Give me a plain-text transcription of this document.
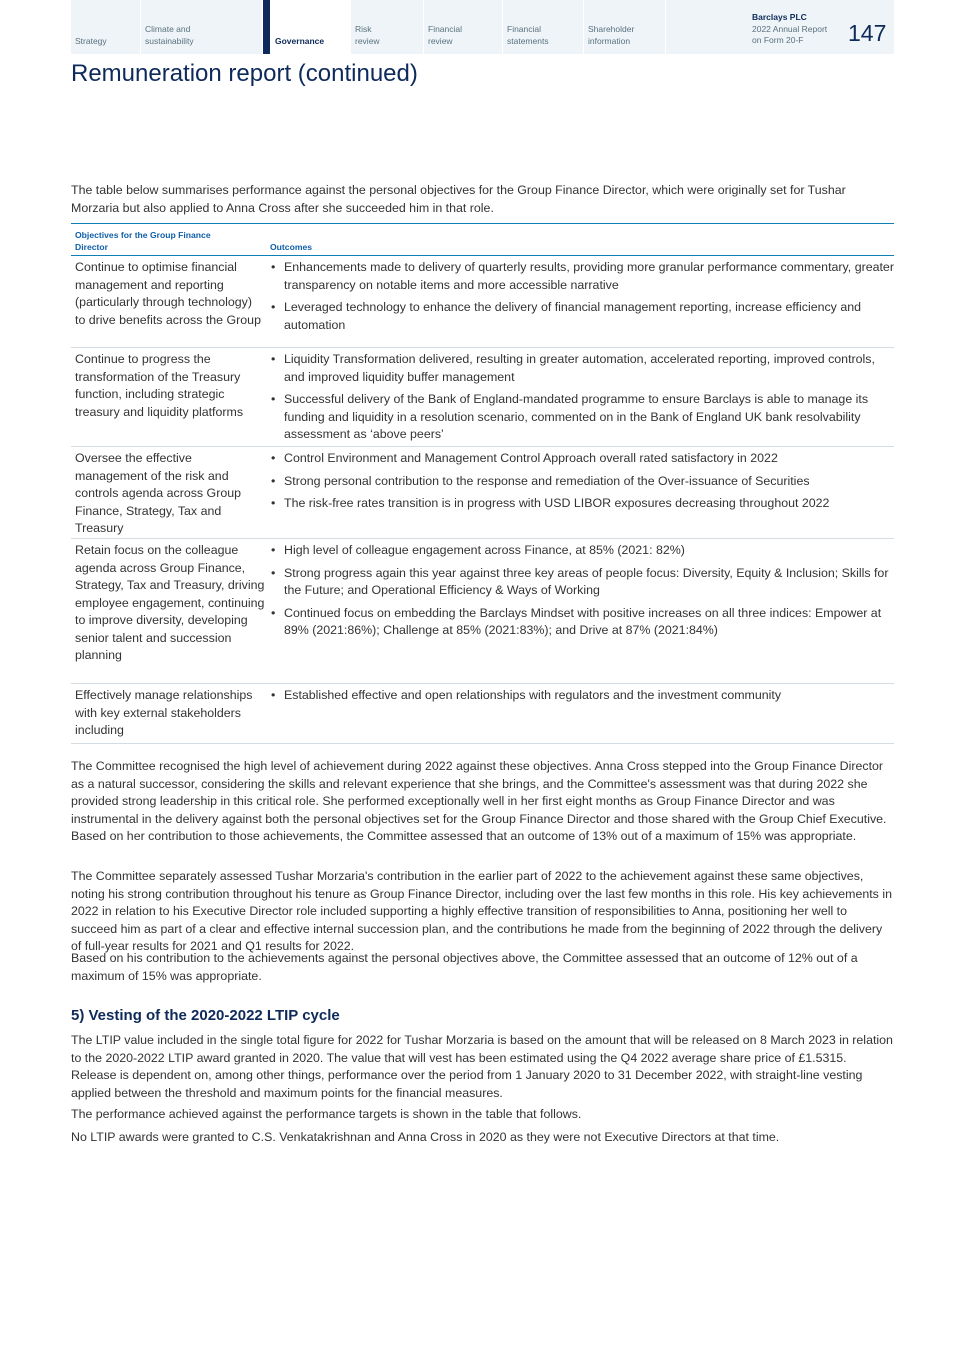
Strategy
Climate and
sustainability	Governance
Risk
review
Financial
review
Financial
statements
Shareholder
information
Barclays PLC
2022 Annual Report
on Form 20-F	147
Remuneration report (continued)

The table below summarises performance against the personal objectives for the Group Finance Director, which were originally set for Tushar Morzaria but also applied to Anna Cross after she succeeded him in that role.

Objectives for the Group Finance Director	Outcomes
Continue to optimise financial management and reporting (particularly through technology) to drive benefits across the Group
• Enhancements made to delivery of quarterly results, providing more granular performance commentary, greater transparency on notable items and more accessible narrative
• Leveraged technology to enhance the delivery of financial management reporting, increase efficiency and automation
Continue to progress the transformation of the Treasury function, including strategic treasury and liquidity platforms
• Liquidity Transformation delivered, resulting in greater automation, accelerated reporting, improved controls, and improved liquidity buffer management
• Successful delivery of the Bank of England-mandated programme to ensure Barclays is able to manage its funding and liquidity in a resolution scenario, commented on in the Bank of England UK bank resolvability assessment as ‘above peers’
Oversee the effective management of the risk and controls agenda across Group Finance, Strategy, Tax and Treasury
• Control Environment and Management Control Approach overall rated satisfactory in 2022
• Strong personal contribution to the response and remediation of the Over-issuance of Securities
• The risk-free rates transition is in progress with USD LIBOR exposures decreasing throughout 2022
Retain focus on the colleague agenda across Group Finance, Strategy, Tax and Treasury, driving employee engagement, continuing to improve diversity, developing senior talent and succession planning
• High level of colleague engagement across Finance, at 85% (2021: 82%)
• Strong progress again this year against three key areas of people focus: Diversity, Equity & Inclusion; Skills for the Future; and Operational Efficiency & Ways of Working
• Continued focus on embedding the Barclays Mindset with positive increases on all three indices: Empower at 89% (2021:86%); Challenge at 85% (2021:83%); and Drive at 87% (2021:84%)
Effectively manage relationships with key external stakeholders including
• Established effective and open relationships with regulators and the investment community

The Committee recognised the high level of achievement during 2022 against these objectives. Anna Cross stepped into the Group Finance Director as a natural successor, considering the skills and relevant experience that she brings, and the Committee's assessment was that during 2022 she provided strong leadership in this critical role. She performed exceptionally well in her first eight months as Group Finance Director and was instrumental in the delivery against both the personal objectives set for the Group Finance Director and those shared with the Group Chief Executive. Based on her contribution to those achievements, the Committee assessed that an outcome of 13% out of a maximum of 15% was appropriate.

The Committee separately assessed Tushar Morzaria's contribution in the earlier part of 2022 to the achievement against these same objectives, noting his strong contribution throughout his tenure as Group Finance Director, including over the last few months in this role. His key achievements in 2022 in relation to his Executive Director role included supporting a highly effective transition of responsibilities to Anna, positioning her well to succeed him as part of a clear and effective internal succession plan, and the contributions he made from the beginning of 2022 through the delivery of full-year results for 2021 and Q1 results for 2022.

Based on his contribution to the achievements against the personal objectives above, the Committee assessed that an outcome of 12% out of a maximum of 15% was appropriate.

5) Vesting of the 2020-2022 LTIP cycle

The LTIP value included in the single total figure for 2022 for Tushar Morzaria is based on the amount that will be released on 8 March 2023 in relation to the 2020-2022 LTIP award granted in 2020. The value that will vest has been estimated using the Q4 2022 average share price of £1.5315. Release is dependent on, among other things, performance over the period from 1 January 2020 to 31 December 2022, with straight-line vesting applied between the threshold and maximum points for the financial measures.

The performance achieved against the performance targets is shown in the table that follows.

No LTIP awards were granted to C.S. Venkatakrishnan and Anna Cross in 2020 as they were not Executive Directors at that time.
